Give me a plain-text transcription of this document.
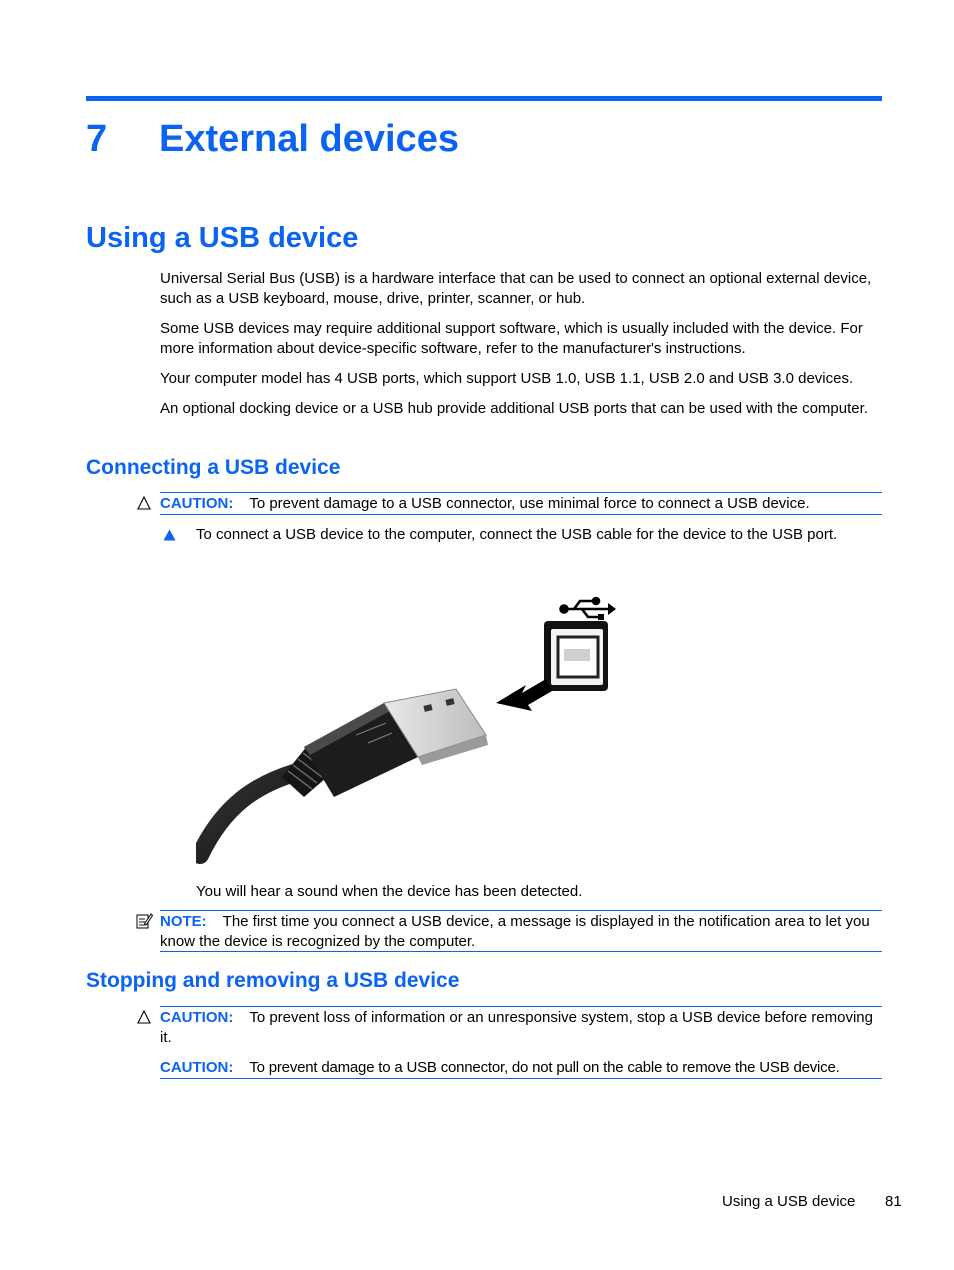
7 External devices
Using a USB device
Universal Serial Bus (USB) is a hardware interface that can be used to connect an optional external device, such as a USB keyboard, mouse, drive, printer, scanner, or hub.
Some USB devices may require additional support software, which is usually included with the device. For more information about device-specific software, refer to the manufacturer's instructions.
Your computer model has 4 USB ports, which support USB 1.0, USB 1.1, USB 2.0 and USB 3.0 devices.
An optional docking device or a USB hub provide additional USB ports that can be used with the computer.
Connecting a USB device
CAUTION: To prevent damage to a USB connector, use minimal force to connect a USB device.
To connect a USB device to the computer, connect the USB cable for the device to the USB port.
You will hear a sound when the device has been detected.
NOTE: The first time you connect a USB device, a message is displayed in the notification area to let you know the device is recognized by the computer.
Stopping and removing a USB device
CAUTION: To prevent loss of information or an unresponsive system, stop a USB device before removing it.
CAUTION: To prevent damage to a USB connector, do not pull on the cable to remove the USB device.
Using a USB device 81
